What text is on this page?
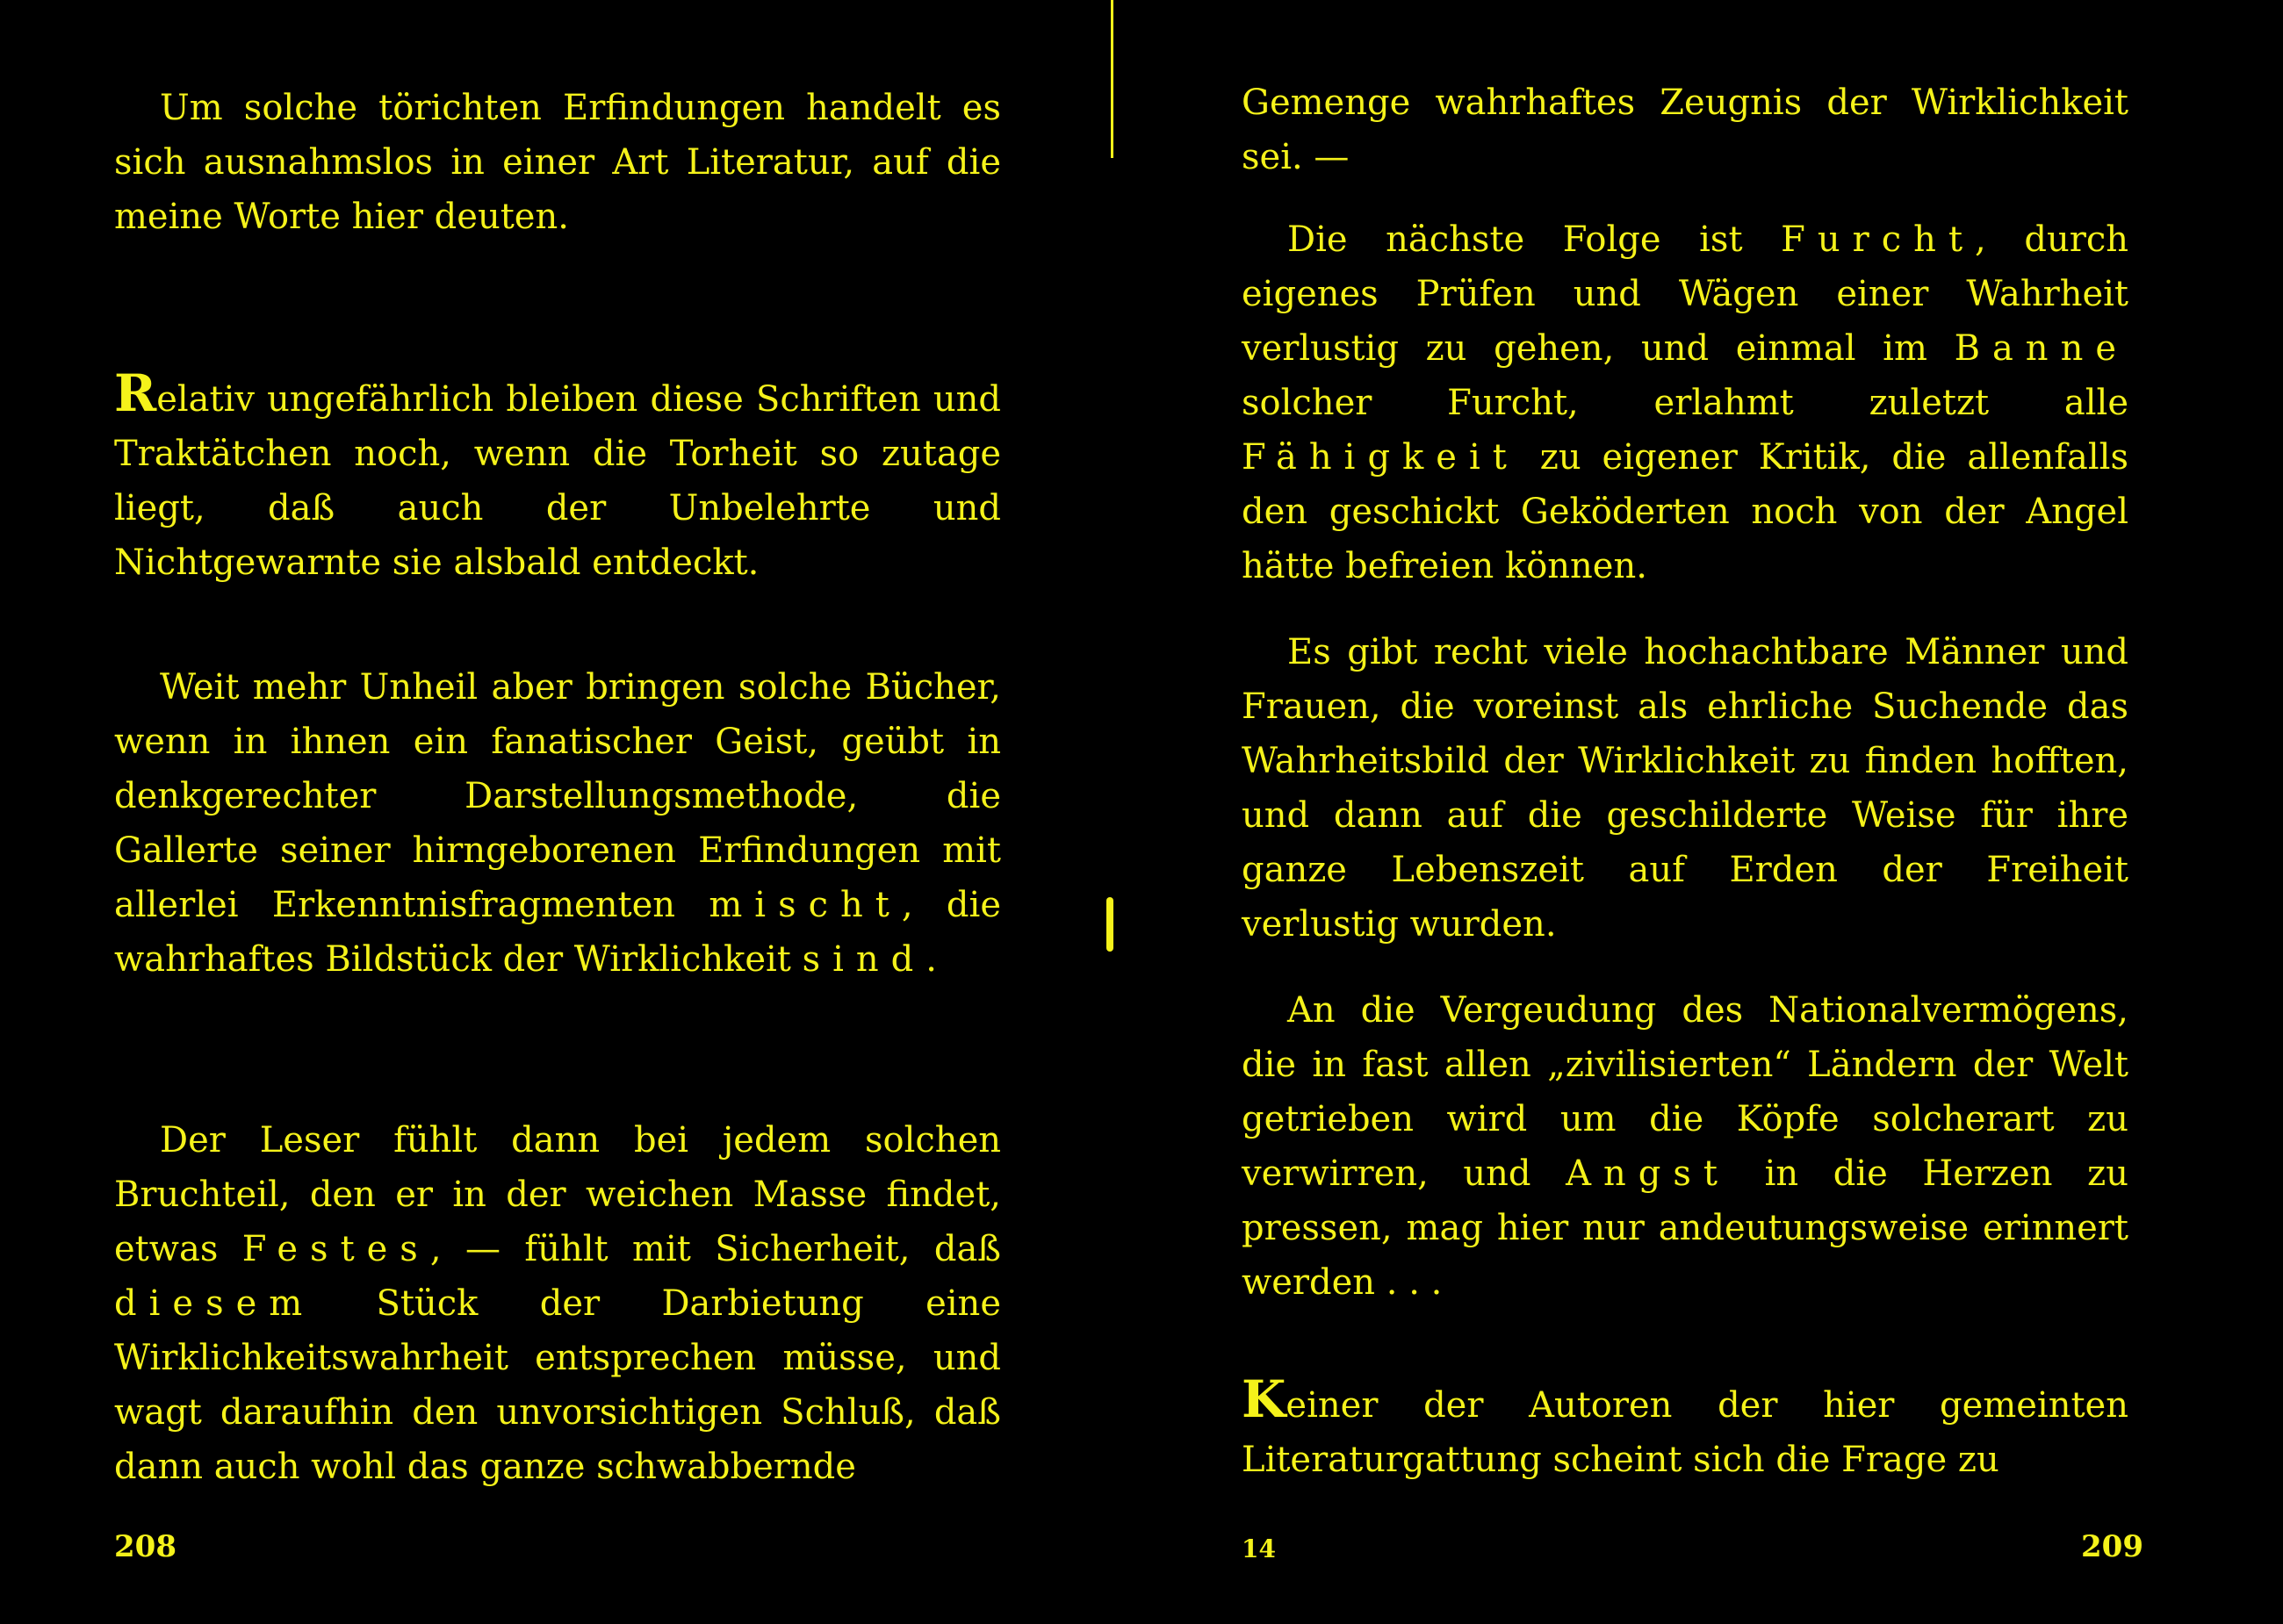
Um solche törichten Erfindungen handelt es sich ausnahmslos in einer Art Literatur, auf die meine Worte hier deuten.

Relativ ungefährlich bleiben diese Schriften und Traktätchen noch, wenn die Torheit so zutage liegt, daß auch der Unbelehrte und Nichtgewarnte sie alsbald entdeckt.

Weit mehr Unheil aber bringen solche Bücher, wenn in ihnen ein fanatischer Geist, geübt in denkgerechter Darstellungsmethode, die Gallerte seiner hirngeborenen Erfindungen mit allerlei Erkenntnisfragmenten mischt, die wahrhaftes Bildstück der Wirklichkeit sind.

Der Leser fühlt dann bei jedem solchen Bruchteil, den er in der weichen Masse findet, etwas Festes, — fühlt mit Sicherheit, daß diesem Stück der Darbietung eine Wirklichkeitswahrheit entsprechen müsse, und wagt daraufhin den unvorsichtigen Schluß, daß dann auch wohl das ganze schwabbernde

208

Gemenge wahrhaftes Zeugnis der Wirklichkeit sei. —

Die nächste Folge ist Furcht, durch eigenes Prüfen und Wägen einer Wahrheit verlustig zu gehen, und einmal im Banne solcher Furcht, erlahmt zuletzt alle Fähigkeit zu eigener Kritik, die allenfalls den geschickt Geköderten noch von der Angel hätte befreien können.

Es gibt recht viele hochachtbare Männer und Frauen, die voreinst als ehrliche Suchende das Wahrheitsbild der Wirklichkeit zu finden hofften, und dann auf die geschilderte Weise für ihre ganze Lebenszeit auf Erden der Freiheit verlustig wurden.

An die Vergeudung des Nationalvermögens, die in fast allen „zivilisierten“ Ländern der Welt getrieben wird um die Köpfe solcherart zu verwirren, und Angst in die Herzen zu pressen, mag hier nur andeutungsweise erinnert werden . . .

Keiner der Autoren der hier gemeinten Literaturgattung scheint sich die Frage zu

14	209
